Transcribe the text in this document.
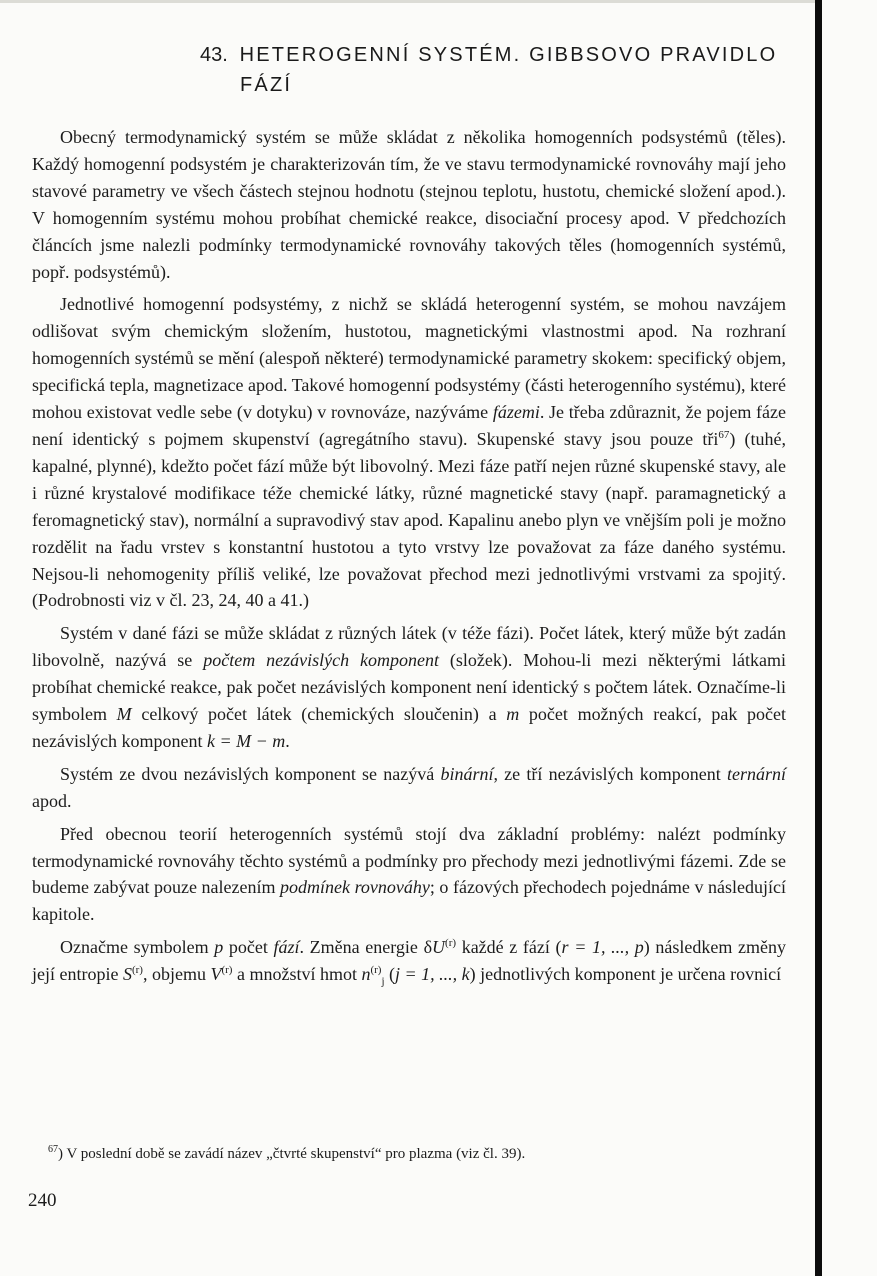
43. HETEROGENNÍ SYSTÉM. GIBBSOVO PRAVIDLO
FÁZÍ

Obecný termodynamický systém se může skládat z několika homogenních podsystémů (těles). Každý homogenní podsystém je charakterizován tím, že ve stavu termodynamické rovnováhy mají jeho stavové parametry ve všech částech stejnou hodnotu (stejnou teplotu, hustotu, chemické složení apod.). V homogenním systému mohou probíhat chemické reakce, disociační procesy apod. V předchozích článcích jsme nalezli podmínky termodynamické rovnováhy takových těles (homogenních systémů, popř. podsystémů).

Jednotlivé homogenní podsystémy, z nichž se skládá heterogenní systém, se mohou navzájem odlišovat svým chemickým složením, hustotou, magnetickými vlastnostmi apod. Na rozhraní homogenních systémů se mění (alespoň některé) termodynamické parametry skokem: specifický objem, specifická tepla, magnetizace apod. Takové homogenní podsystémy (části heterogenního systému), které mohou existovat vedle sebe (v dotyku) v rovnováze, nazýváme fázemi. Je třeba zdůraznit, že pojem fáze není identický s pojmem skupenství (agregátního stavu). Skupenské stavy jsou pouze tři$^{67}$) (tuhé, kapalné, plynné), kdežto počet fází může být libovolný. Mezi fáze patří nejen různé skupenské stavy, ale i různé krystalové modifikace téže chemické látky, různé magnetické stavy (např. paramagnetický a feromagnetický stav), normální a supravodivý stav apod. Kapalinu anebo plyn ve vnějším poli je možno rozdělit na řadu vrstev s konstantní hustotou a tyto vrstvy lze považovat za fáze daného systému. Nejsou-li nehomogenity příliš veliké, lze považovat přechod mezi jednotlivými vrstvami za spojitý. (Podrobnosti viz v čl. 23, 24, 40 a 41.)

Systém v dané fázi se může skládat z různých látek (v téže fázi). Počet látek, který může být zadán libovolně, nazývá se počtem nezávislých komponent (složek). Mohou-li mezi některými látkami probíhat chemické reakce, pak počet nezávislých komponent není identický s počtem látek. Označíme-li symbolem M celkový počet látek (chemických sloučenin) a m počet možných reakcí, pak počet nezávislých komponent k = M − m.

Systém ze dvou nezávislých komponent se nazývá binární, ze tří nezávislých komponent ternární apod.

Před obecnou teorií heterogenních systémů stojí dva základní problémy: nalézt podmínky termodynamické rovnováhy těchto systémů a podmínky pro přechody mezi jednotlivými fázemi. Zde se budeme zabývat pouze nalezením podmínek rovnováhy; o fázových přechodech pojednáme v následující kapitole.

Označme symbolem p počet fází. Změna energie $\delta U^{(r)}$ každé z fází (r = 1, ..., p) následkem změny její entropie $S^{(r)}$, objemu $V^{(r)}$ a množství hmot $n^{(r)}_j$ (j = 1, ..., k) jednotlivých komponent je určena rovnicí

$^{67}$) V poslední době se zavádí název „čtvrté skupenství“ pro plazma (viz čl. 39).
240
